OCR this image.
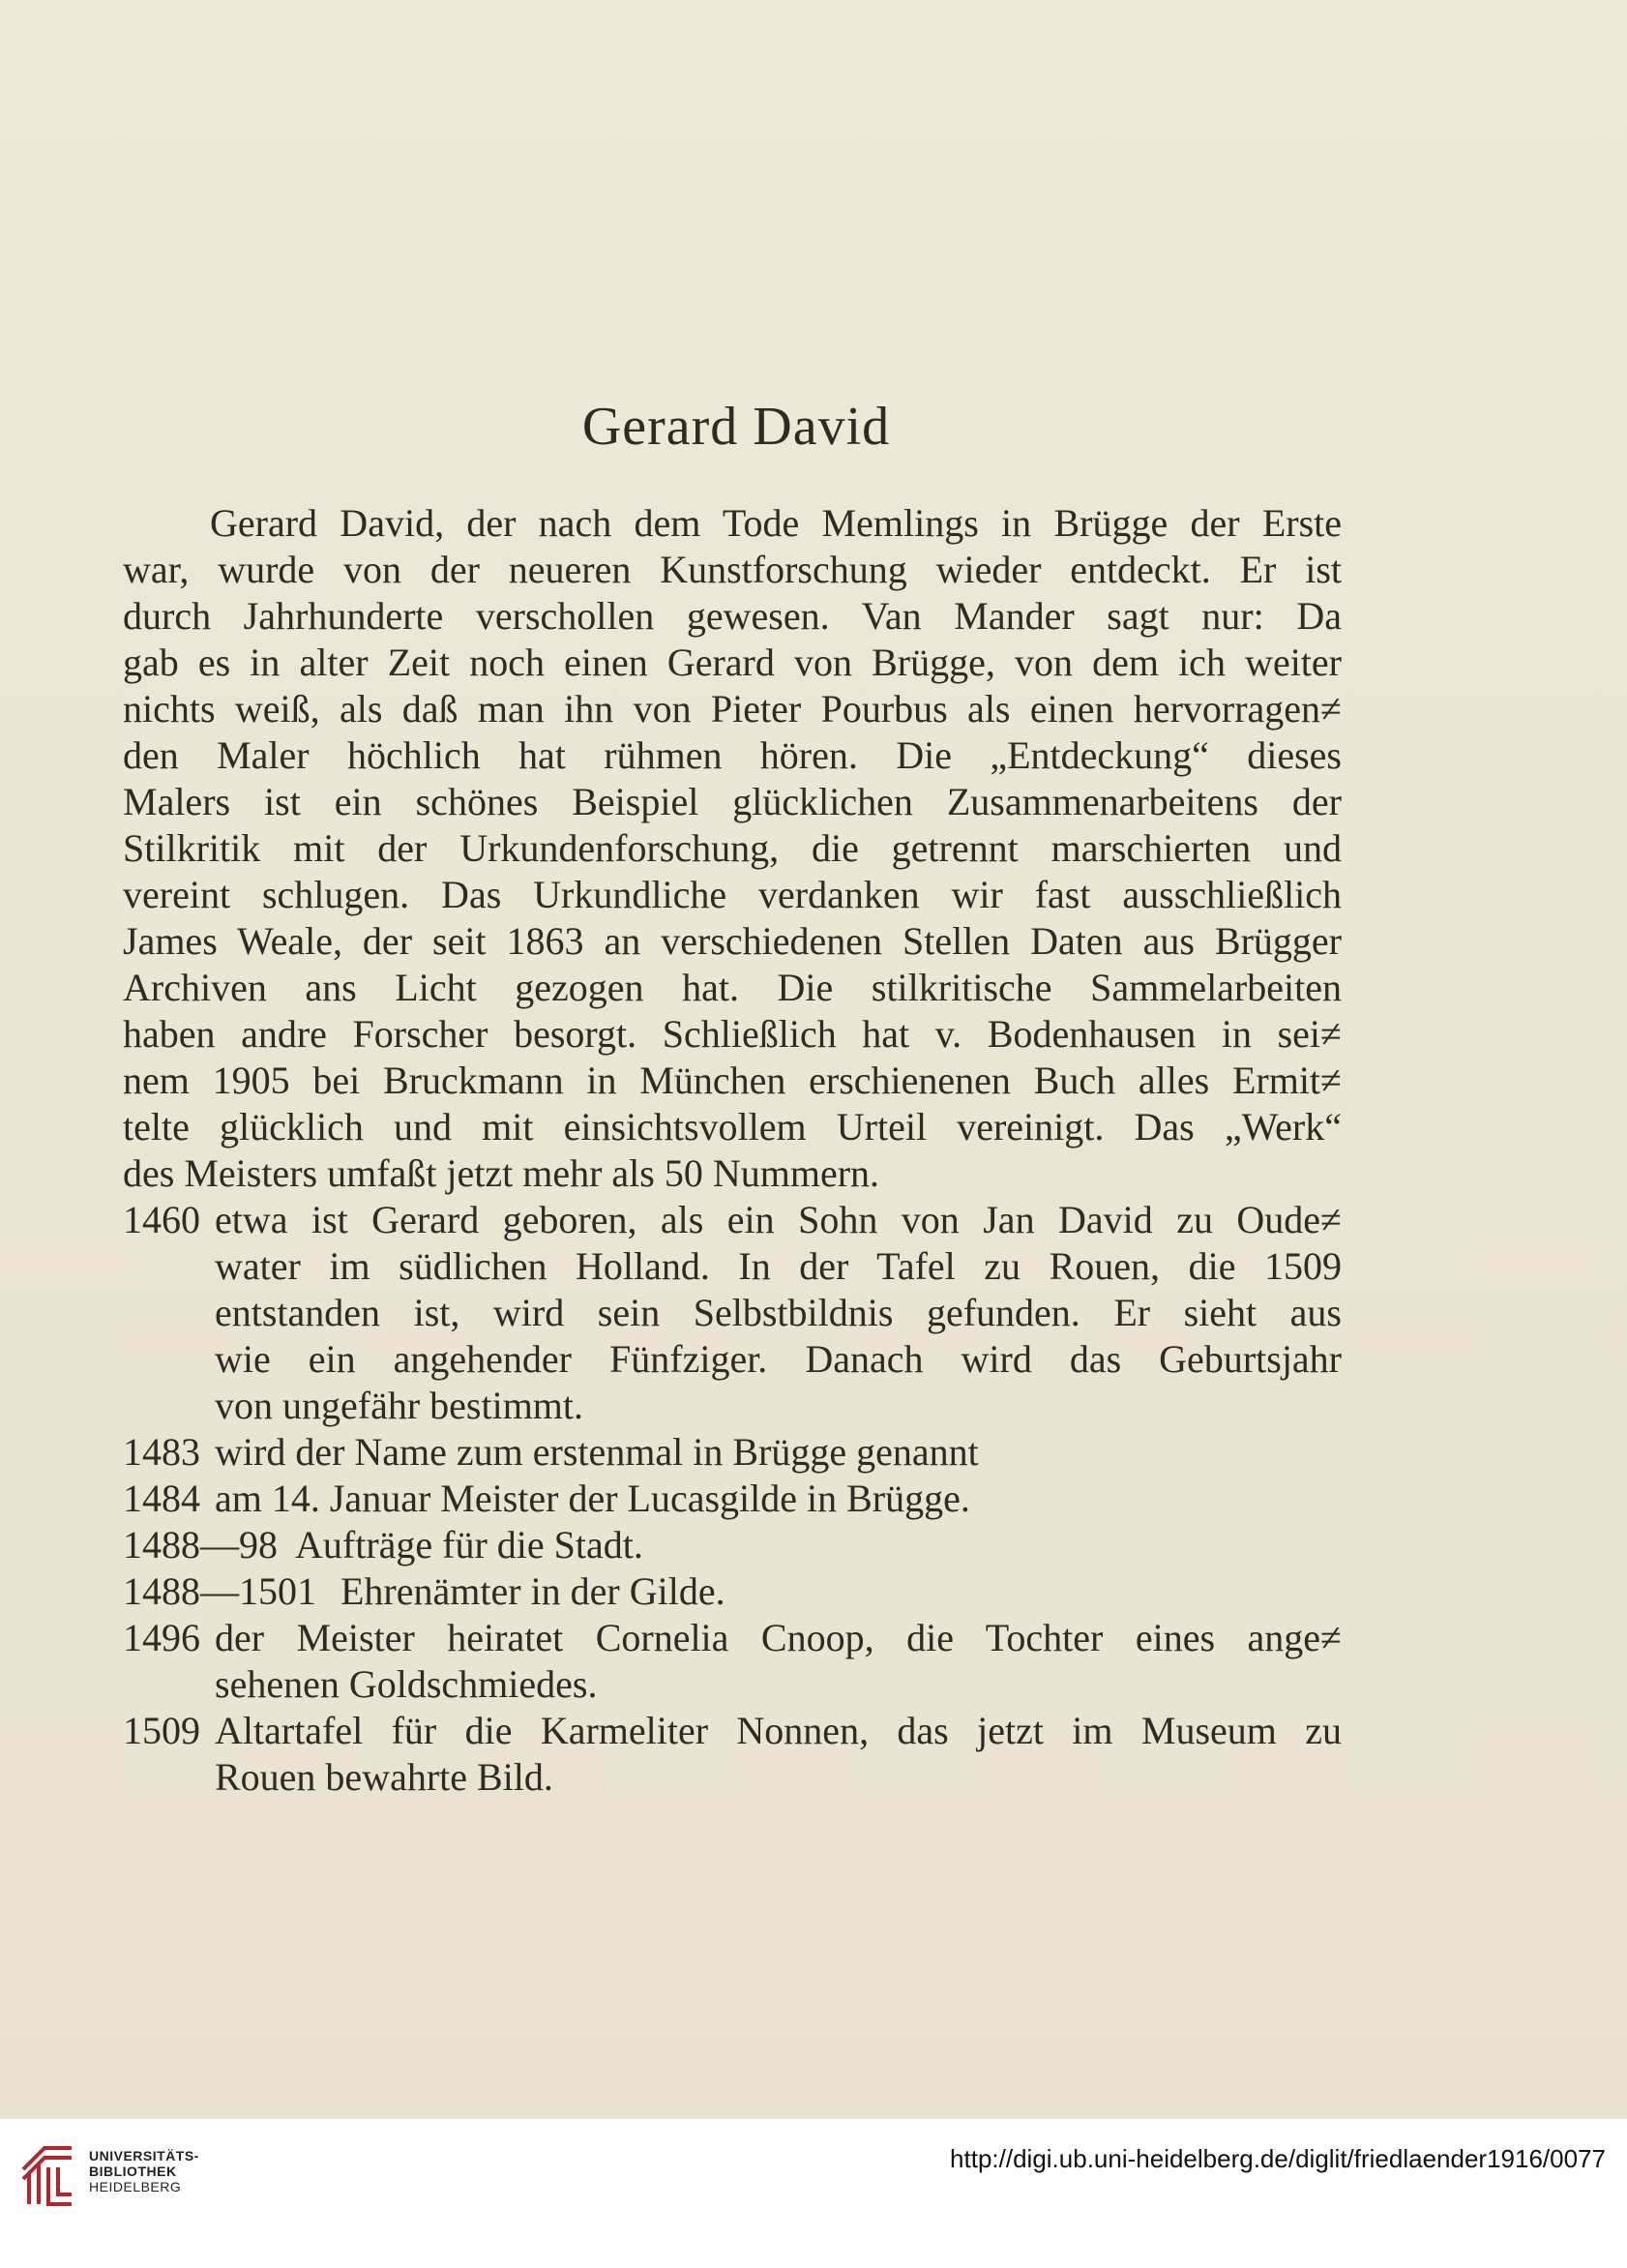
Gerard David
Gerard David, der nach dem Tode Memlings in Brügge der Erste
war, wurde von der neueren Kunstforschung wieder entdeckt. Er ist
durch Jahrhunderte verschollen gewesen. Van Mander sagt nur: Da
gab es in alter Zeit noch einen Gerard von Brügge, von dem ich weiter
nichts weiß, als daß man ihn von Pieter Pourbus als einen hervorragen≠
den Maler höchlich hat rühmen hören. Die „Entdeckung“ dieses
Malers ist ein schönes Beispiel glücklichen Zusammenarbeitens der
Stilkritik mit der Urkundenforschung, die getrennt marschierten und
vereint schlugen. Das Urkundliche verdanken wir fast ausschließlich
James Weale, der seit 1863 an verschiedenen Stellen Daten aus Brügger
Archiven ans Licht gezogen hat. Die stilkritische Sammelarbeiten
haben andre Forscher besorgt. Schließlich hat v. Bodenhausen in sei≠
nem 1905 bei Bruckmann in München erschienenen Buch alles Ermit≠
telte glücklich und mit einsichtsvollem Urteil vereinigt. Das „Werk“
des Meisters umfaßt jetzt mehr als 50 Nummern.
1460 etwa ist Gerard geboren, als ein Sohn von Jan David zu Oude≠
water im südlichen Holland. In der Tafel zu Rouen, die 1509
entstanden ist, wird sein Selbstbildnis gefunden. Er sieht aus
wie ein angehender Fünfziger. Danach wird das Geburtsjahr
von ungefähr bestimmt.
1483 wird der Name zum erstenmal in Brügge genannt
1484 am 14. Januar Meister der Lucasgilde in Brügge.
1488—98 Aufträge für die Stadt.
1488—1501 Ehrenämter in der Gilde.
1496 der Meister heiratet Cornelia Cnoop, die Tochter eines ange≠
sehenen Goldschmiedes.
1509 Altartafel für die Karmeliter Nonnen, das jetzt im Museum zu
Rouen bewahrte Bild.
UNIVERSITÄTS-
BIBLIOTHEK
HEIDELBERG
http://digi.ub.uni-heidelberg.de/diglit/friedlaender1916/0077
